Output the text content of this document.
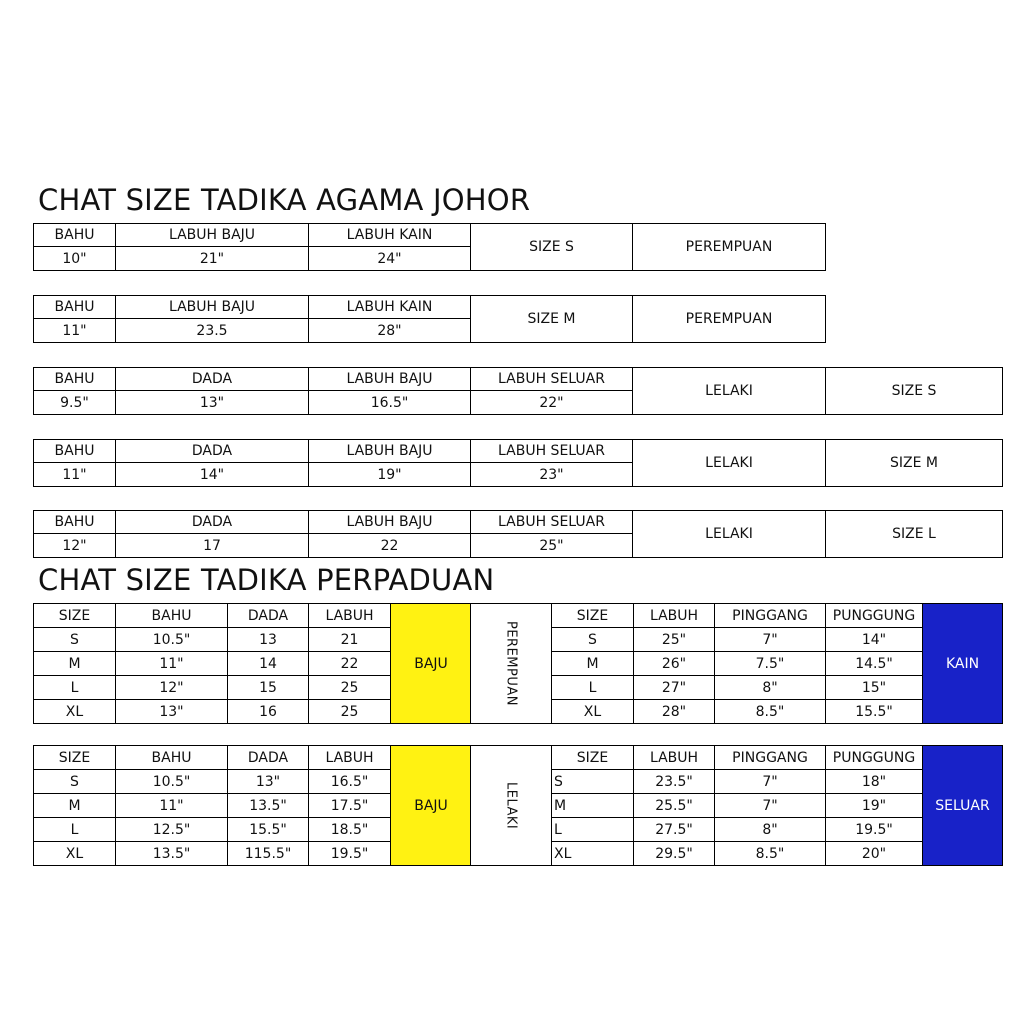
CHAT SIZE TADIKA AGAMA JOHOR
CHAT SIZE TADIKA PERPADUAN
BAHU	LABUH BAJU	LABUH KAIN
10"	21"	24"
SIZE S	PEREMPUAN
BAHU	LABUH BAJU	LABUH KAIN
11"	23.5	28"
SIZE M	PEREMPUAN
BAHU	DADA	LABUH BAJU	LABUH SELUAR
9.5"	13"	16.5"	22"
LELAKI	SIZE S
BAHU	DADA	LABUH BAJU	LABUH SELUAR
11"	14"	19"	23"
LELAKI	SIZE M
BAHU	DADA	LABUH BAJU	LABUH SELUAR
12"	17	22	25"
LELAKI	SIZE L
SIZE	BAHU	DADA	LABUH
S	10.5"	13	21
M	11"	14	22
L	12"	15	25
XL	13"	16	25
BAJU	PEREMPUAN
SIZE	LABUH	PINGGANG	PUNGGUNG
S	25"	7"	14"
M	26"	7.5"	14.5"
L	27"	8"	15"
XL	28"	8.5"	15.5"
KAIN
SIZE	BAHU	DADA	LABUH
S	10.5"	13"	16.5"
M	11"	13.5"	17.5"
L	12.5"	15.5"	18.5"
XL	13.5"	115.5"	19.5"
BAJU	LELAKI
SIZE	LABUH	PINGGANG	PUNGGUNG
S	23.5"	7"	18"
M	25.5"	7"	19"
L	27.5"	8"	19.5"
XL	29.5"	8.5"	20"
SELUAR
